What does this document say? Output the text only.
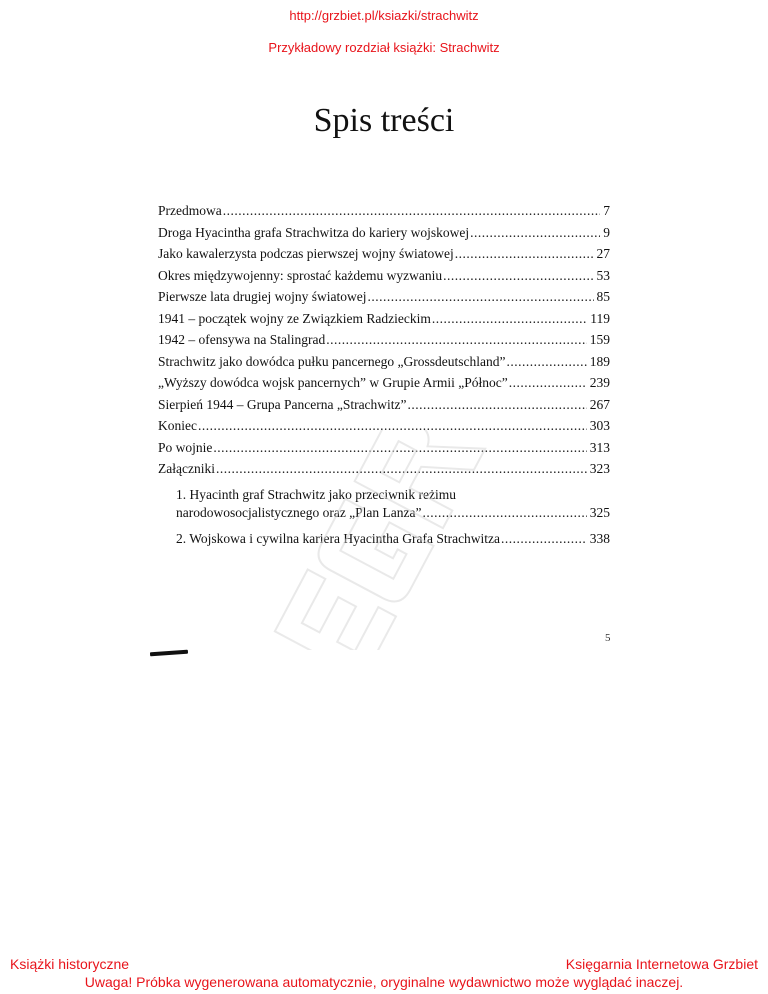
http://grzbiet.pl/ksiazki/strachwitz
Przykładowy rozdział książki: Strachwitz
Spis treści
Przedmowa .....	7
Droga Hyacintha grafa Strachwitza do kariery wojskowej .....	9
Jako kawalerzysta podczas pierwszej wojny światowej .....	27
Okres międzywojenny: sprostać każdemu wyzwaniu .....	53
Pierwsze lata drugiej wojny światowej .....	85
1941 – początek wojny ze Związkiem Radzieckim .....	119
1942 – ofensywa na Stalingrad .....	159
Strachwitz jako dowódca pułku pancernego „Grossdeutschland” .....	189
„Wyższy dowódca wojsk pancernych” w Grupie Armii „Północ” .....	239
Sierpień 1944 – Grupa Pancerna „Strachwitz” .....	267
Koniec .....	303
Po wojnie .....	313
Załączniki .....	323
1. Hyacinth graf Strachwitz jako przeciwnik reżimu
narodowosocjalistycznego oraz „Plan Lanza” .....	325
2. Wojskowa i cywilna kariera Hyacintha Grafa Strachwitza .....	338
5
Książki historyczne	Księgarnia Internetowa Grzbiet
Uwaga! Próbka wygenerowana automatycznie, oryginalne wydawnictwo może wyglądać inaczej.
